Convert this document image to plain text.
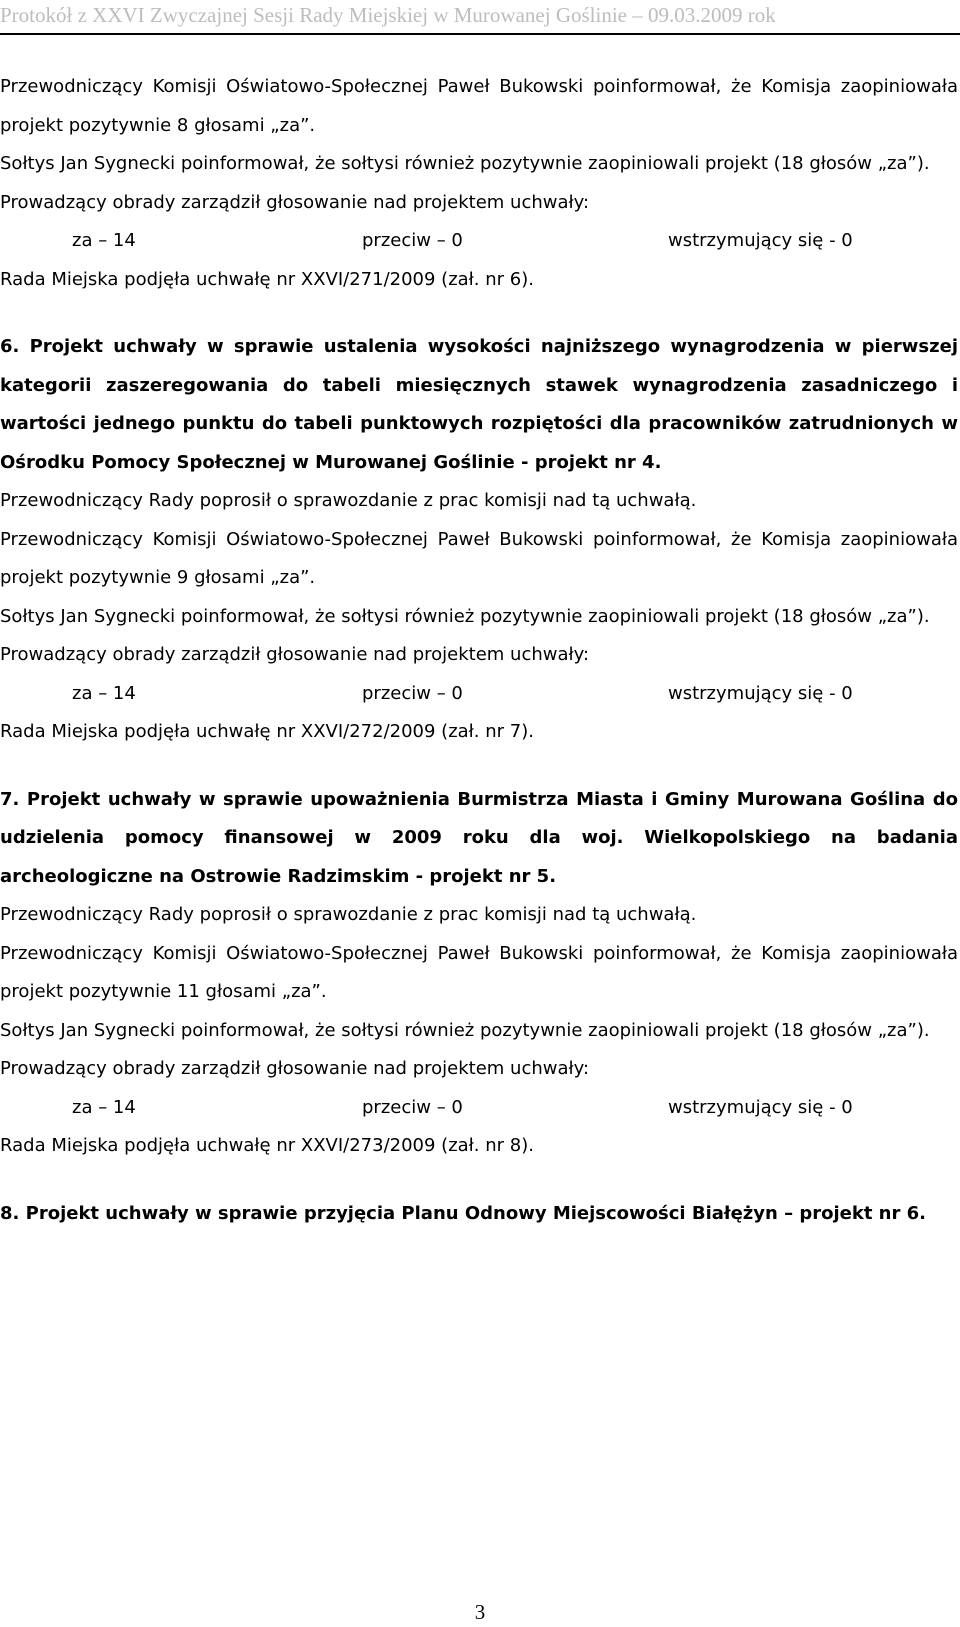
Protokół z XXVI Zwyczajnej Sesji Rady Miejskiej w Murowanej Goślinie – 09.03.2009 rok

Przewodniczący Komisji Oświatowo-Społecznej Paweł Bukowski poinformował, że Komisja zaopiniowała projekt pozytywnie 8 głosami „za”.

Sołtys Jan Sygnecki poinformował, że sołtysi również pozytywnie zaopiniowali projekt (18 głosów „za”).

Prowadzący obrady zarządził głosowanie nad projektem uchwały:

za – 14	przeciw – 0	wstrzymujący się - 0

Rada Miejska podjęła uchwałę nr XXVI/271/2009 (zał. nr 6).

6. Projekt uchwały w sprawie ustalenia wysokości najniższego wynagrodzenia w pierwszej kategorii zaszeregowania do tabeli miesięcznych stawek wynagrodzenia zasadniczego i wartości jednego punktu do tabeli punktowych rozpiętości dla pracowników zatrudnionych w Ośrodku Pomocy Społecznej w Murowanej Goślinie - projekt nr 4.

Przewodniczący Rady poprosił o sprawozdanie z prac komisji nad tą uchwałą.

Przewodniczący Komisji Oświatowo-Społecznej Paweł Bukowski poinformował, że Komisja zaopiniowała projekt pozytywnie 9 głosami „za”.

Sołtys Jan Sygnecki poinformował, że sołtysi również pozytywnie zaopiniowali projekt (18 głosów „za”).

Prowadzący obrady zarządził głosowanie nad projektem uchwały:

za – 14	przeciw – 0	wstrzymujący się - 0

Rada Miejska podjęła uchwałę nr XXVI/272/2009 (zał. nr 7).

7. Projekt uchwały w sprawie upoważnienia Burmistrza Miasta i Gminy Murowana Goślina do udzielenia pomocy finansowej w 2009 roku dla woj. Wielkopolskiego na badania archeologiczne na Ostrowie Radzimskim - projekt nr 5.

Przewodniczący Rady poprosił o sprawozdanie z prac komisji nad tą uchwałą.

Przewodniczący Komisji Oświatowo-Społecznej Paweł Bukowski poinformował, że Komisja zaopiniowała projekt pozytywnie 11 głosami „za”.

Sołtys Jan Sygnecki poinformował, że sołtysi również pozytywnie zaopiniowali projekt (18 głosów „za”).

Prowadzący obrady zarządził głosowanie nad projektem uchwały:

za – 14	przeciw – 0	wstrzymujący się - 0

Rada Miejska podjęła uchwałę nr XXVI/273/2009 (zał. nr 8).

8. Projekt uchwały w sprawie przyjęcia Planu Odnowy Miejscowości Białężyn – projekt nr 6.

3
